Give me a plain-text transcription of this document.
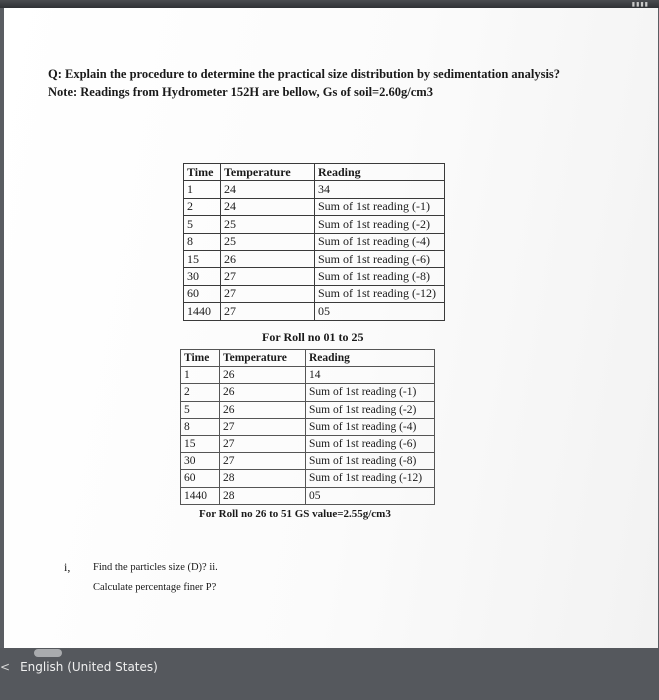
▮▮▮▮
Q: Explain the procedure to determine the practical size distribution by sedimentation analysis?
Note: Readings from Hydrometer 152H are bellow, Gs of soil=2.60g/cm3
Time	Temperature	Reading
1	24	34
2	24	Sum of 1st reading (-1)
5	25	Sum of 1st reading (-2)
8	25	Sum of 1st reading (-4)
15	26	Sum of 1st reading (-6)
30	27	Sum of 1st reading (-8)
60	27	Sum of 1st reading (-12)
1440	27	05
For Roll no 01 to 25
Time	Temperature	Reading
1	26	14
2	26	Sum of 1st reading (-1)
5	26	Sum of 1st reading (-2)
8	27	Sum of 1st reading (-4)
15	27	Sum of 1st reading (-6)
30	27	Sum of 1st reading (-8)
60	28	Sum of 1st reading (-12)
1440	28	05
For Roll no 26 to 51 GS value=2.55g/cm3
i, Find the particles size (D)? ii.
Calculate percentage finer P?
< English (United States)
